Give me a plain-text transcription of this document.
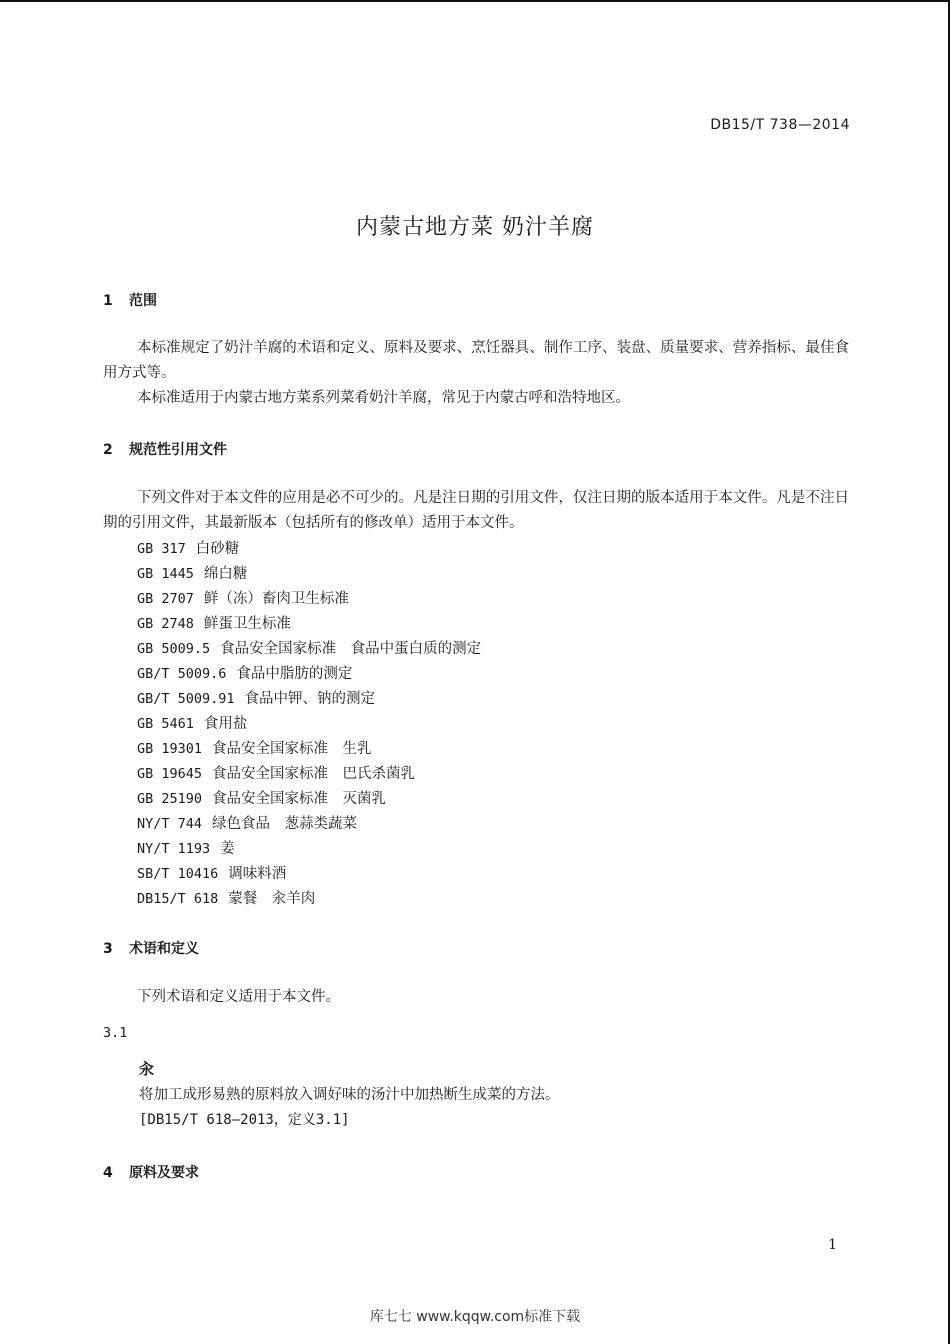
DB15/T 738—2014
内蒙古地方菜 奶汁羊腐
1 范围

本标准规定了奶汁羊腐的术语和定义、原料及要求、烹饪器具、制作工序、装盘、质量要求、营养指标、最佳食用方式等。

本标准适用于内蒙古地方菜系列菜肴奶汁羊腐，常见于内蒙古呼和浩特地区。

2 规范性引用文件

下列文件对于本文件的应用是必不可少的。凡是注日期的引用文件，仅注日期的版本适用于本文件。凡是不注日期的引用文件，其最新版本（包括所有的修改单）适用于本文件。

GB 317 白砂糖
GB 1445 绵白糖
GB 2707 鲜（冻）畜肉卫生标准
GB 2748 鲜蛋卫生标准
GB 5009.5 食品安全国家标准　食品中蛋白质的测定
GB/T 5009.6 食品中脂肪的测定
GB/T 5009.91 食品中钾、钠的测定
GB 5461 食用盐
GB 19301 食品安全国家标准　生乳
GB 19645 食品安全国家标准　巴氏杀菌乳
GB 25190 食品安全国家标准　灭菌乳
NY/T 744 绿色食品　葱蒜类蔬菜
NY/T 1193 姜
SB/T 10416 调味料酒
DB15/T 618 蒙餐　汆羊肉
3 术语和定义

下列术语和定义适用于本文件。

3.1
汆
将加工成形易熟的原料放入调好味的汤汁中加热断生成菜的方法。
[DB15/T 618—2013，定义3.1]
4 原料及要求
1
库七七 www.kqqw.com标准下载
